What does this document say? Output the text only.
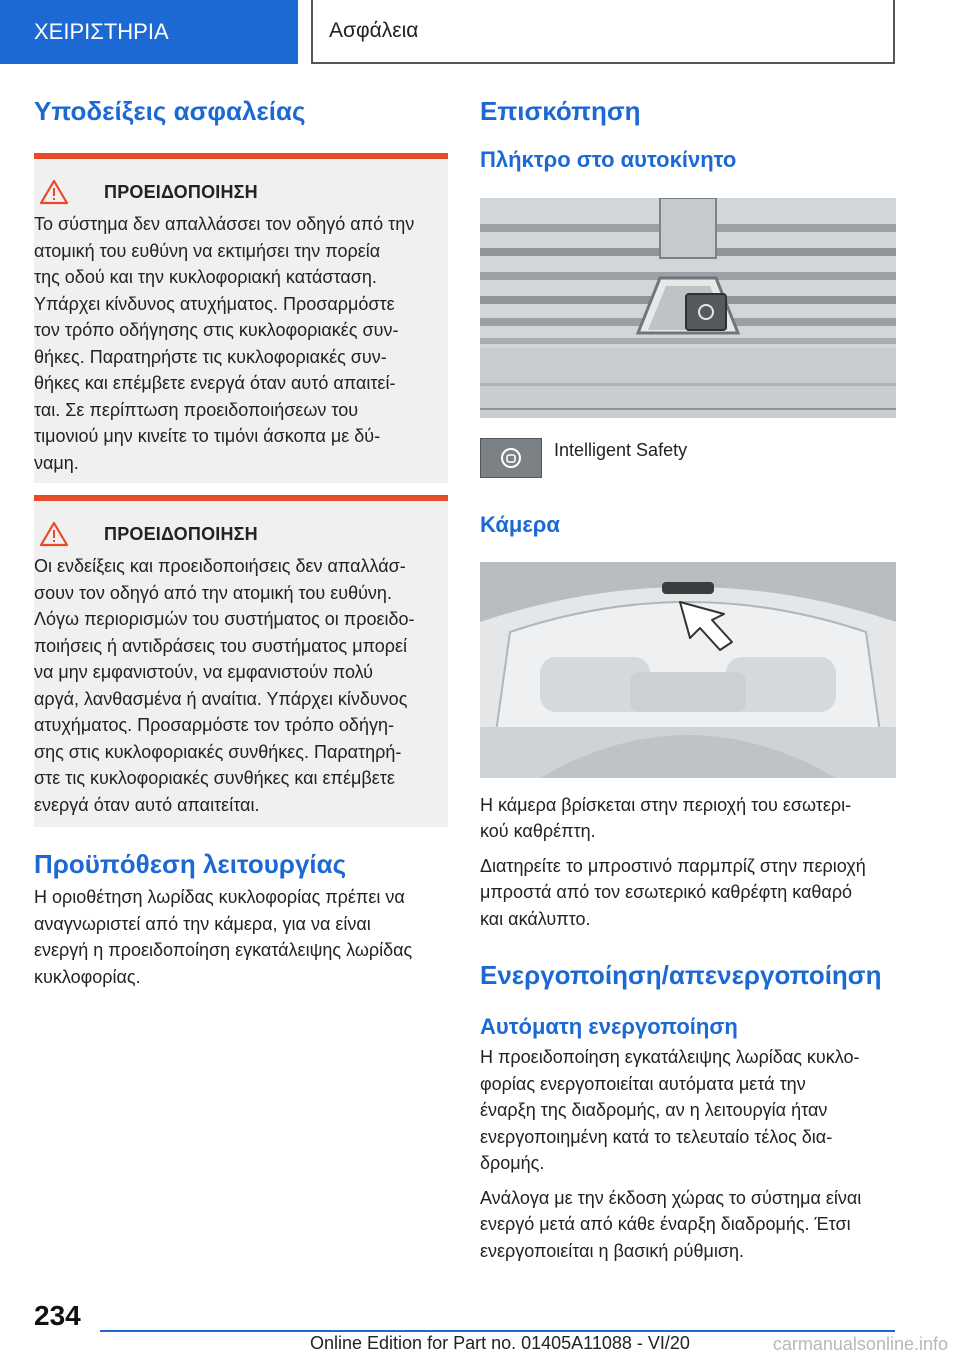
ΧΕΙΡΙΣΤΗΡΙΑ	Ασφάλεια
Υποδείξεις ασφαλείας
ΠΡΟΕΙΔΟΠΟΙΗΣΗ

Το σύστημα δεν απαλλάσσει τον οδηγό από την
ατομική του ευθύνη να εκτιμήσει την πορεία
της οδού και την κυκλοφοριακή κατάσταση.
Υπάρχει κίνδυνος ατυχήματος. Προσαρμόστε
τον τρόπο οδήγησης στις κυκλοφοριακές συν-
θήκες. Παρατηρήστε τις κυκλοφοριακές συν-
θήκες και επέμβετε ενεργά όταν αυτό απαιτεί-
ται. Σε περίπτωση προειδοποιήσεων του
τιμονιού μην κινείτε το τιμόνι άσκοπα με δύ-
ναμη.

ΠΡΟΕΙΔΟΠΟΙΗΣΗ

Οι ενδείξεις και προειδοποιήσεις δεν απαλλάσ-
σουν τον οδηγό από την ατομική του ευθύνη.
Λόγω περιορισμών του συστήματος οι προειδο-
ποιήσεις ή αντιδράσεις του συστήματος μπορεί
να μην εμφανιστούν, να εμφανιστούν πολύ
αργά, λανθασμένα ή αναίτια. Υπάρχει κίνδυνος
ατυχήματος. Προσαρμόστε τον τρόπο οδήγη-
σης στις κυκλοφοριακές συνθήκες. Παρατηρή-
στε τις κυκλοφοριακές συνθήκες και επέμβετε
ενεργά όταν αυτό απαιτείται.

Προϋπόθεση λειτουργίας

Η οριοθέτηση λωρίδας κυκλοφορίας πρέπει να
αναγνωριστεί από την κάμερα, για να είναι
ενεργή η προειδοποίηση εγκατάλειψης λωρίδας
κυκλοφορίας.

Επισκόπηση
Πλήκτρο στο αυτοκίνητο
Intelligent Safety
Κάμερα

Η κάμερα βρίσκεται στην περιοχή του εσωτερι-
κού καθρέπτη.

Διατηρείτε το μπροστινό παρμπρίζ στην περιοχή
μπροστά από τον εσωτερικό καθρέφτη καθαρό
και ακάλυπτο.

Ενεργοποίηση/απενεργοποίηση
Αυτόματη ενεργοποίηση

Η προειδοποίηση εγκατάλειψης λωρίδας κυκλο-
φορίας ενεργοποιείται αυτόματα μετά την
έναρξη της διαδρομής, αν η λειτουργία ήταν
ενεργοποιημένη κατά το τελευταίο τέλος δια-
δρομής.

Ανάλογα με την έκδοση χώρας το σύστημα είναι
ενεργό μετά από κάθε έναρξη διαδρομής. Έτσι
ενεργοποιείται η βασική ρύθμιση.

234
Online Edition for Part no. 01405A11088 - VI/20	carmanualsonline.info
